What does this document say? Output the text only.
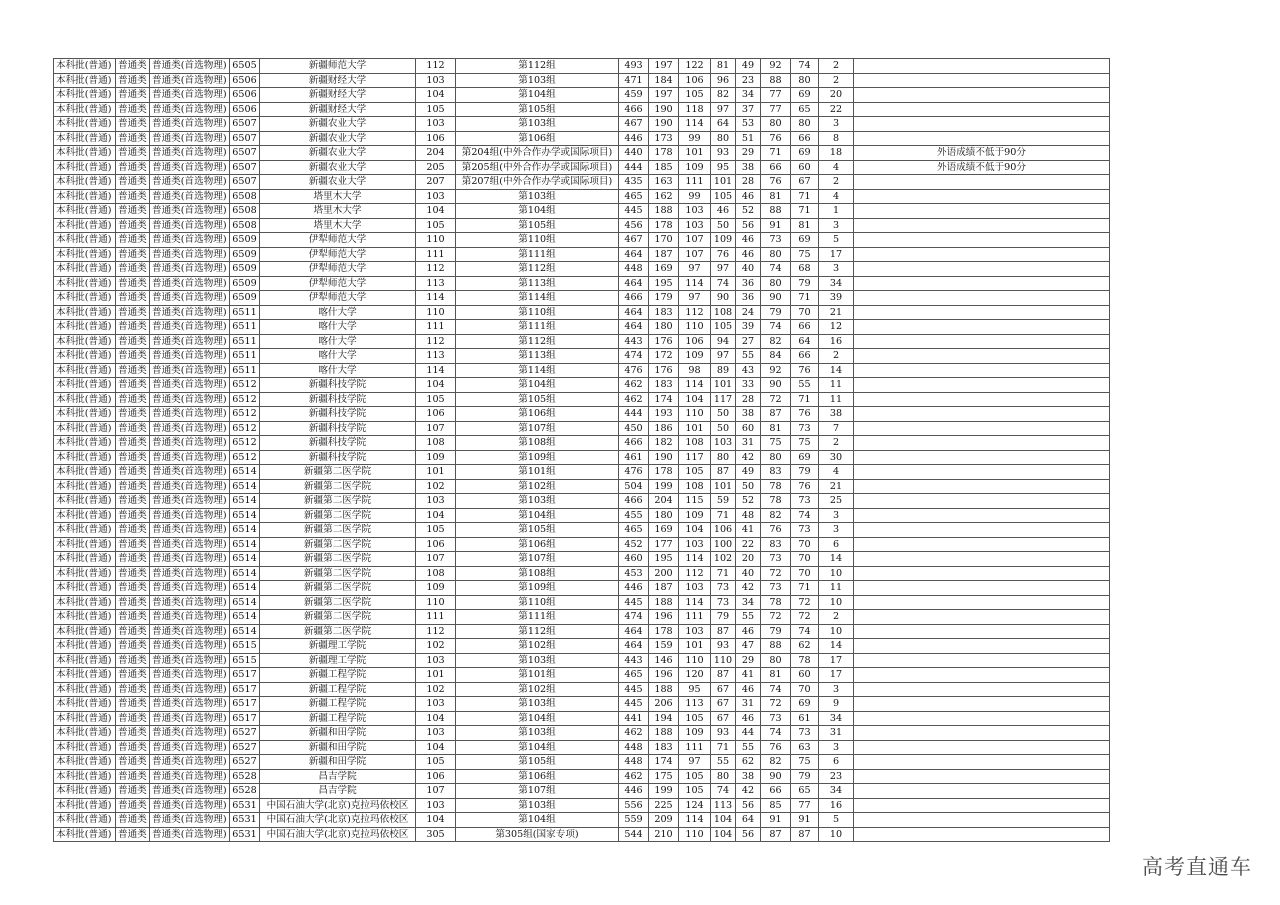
本科批(普通)	普通类	普通类(首选物理)	6505	新疆师范大学	112	第112组	493	197	122	81	49	92	74	2	
本科批(普通)	普通类	普通类(首选物理)	6506	新疆财经大学	103	第103组	471	184	106	96	23	88	80	2	
本科批(普通)	普通类	普通类(首选物理)	6506	新疆财经大学	104	第104组	459	197	105	82	34	77	69	20	
本科批(普通)	普通类	普通类(首选物理)	6506	新疆财经大学	105	第105组	466	190	118	97	37	77	65	22	
本科批(普通)	普通类	普通类(首选物理)	6507	新疆农业大学	103	第103组	467	190	114	64	53	80	80	3	
本科批(普通)	普通类	普通类(首选物理)	6507	新疆农业大学	106	第106组	446	173	99	80	51	76	66	8	
本科批(普通)	普通类	普通类(首选物理)	6507	新疆农业大学	204	第204组(中外合作办学或国际项目)	440	178	101	93	29	71	69	18	外语成绩不低于90分
本科批(普通)	普通类	普通类(首选物理)	6507	新疆农业大学	205	第205组(中外合作办学或国际项目)	444	185	109	95	38	66	60	4	外语成绩不低于90分
本科批(普通)	普通类	普通类(首选物理)	6507	新疆农业大学	207	第207组(中外合作办学或国际项目)	435	163	111	101	28	76	67	2	
本科批(普通)	普通类	普通类(首选物理)	6508	塔里木大学	103	第103组	465	162	99	105	46	81	71	4	
本科批(普通)	普通类	普通类(首选物理)	6508	塔里木大学	104	第104组	445	188	103	46	52	88	71	1	
本科批(普通)	普通类	普通类(首选物理)	6508	塔里木大学	105	第105组	456	178	103	50	56	91	81	3	
本科批(普通)	普通类	普通类(首选物理)	6509	伊犁师范大学	110	第110组	467	170	107	109	46	73	69	5	
本科批(普通)	普通类	普通类(首选物理)	6509	伊犁师范大学	111	第111组	464	187	107	76	46	80	75	17	
本科批(普通)	普通类	普通类(首选物理)	6509	伊犁师范大学	112	第112组	448	169	97	97	40	74	68	3	
本科批(普通)	普通类	普通类(首选物理)	6509	伊犁师范大学	113	第113组	464	195	114	74	36	80	79	34	
本科批(普通)	普通类	普通类(首选物理)	6509	伊犁师范大学	114	第114组	466	179	97	90	36	90	71	39	
本科批(普通)	普通类	普通类(首选物理)	6511	喀什大学	110	第110组	464	183	112	108	24	79	70	21	
本科批(普通)	普通类	普通类(首选物理)	6511	喀什大学	111	第111组	464	180	110	105	39	74	66	12	
本科批(普通)	普通类	普通类(首选物理)	6511	喀什大学	112	第112组	443	176	106	94	27	82	64	16	
本科批(普通)	普通类	普通类(首选物理)	6511	喀什大学	113	第113组	474	172	109	97	55	84	66	2	
本科批(普通)	普通类	普通类(首选物理)	6511	喀什大学	114	第114组	476	176	98	89	43	92	76	14	
本科批(普通)	普通类	普通类(首选物理)	6512	新疆科技学院	104	第104组	462	183	114	101	33	90	55	11	
本科批(普通)	普通类	普通类(首选物理)	6512	新疆科技学院	105	第105组	462	174	104	117	28	72	71	11	
本科批(普通)	普通类	普通类(首选物理)	6512	新疆科技学院	106	第106组	444	193	110	50	38	87	76	38	
本科批(普通)	普通类	普通类(首选物理)	6512	新疆科技学院	107	第107组	450	186	101	50	60	81	73	7	
本科批(普通)	普通类	普通类(首选物理)	6512	新疆科技学院	108	第108组	466	182	108	103	31	75	75	2	
本科批(普通)	普通类	普通类(首选物理)	6512	新疆科技学院	109	第109组	461	190	117	80	42	80	69	30	
本科批(普通)	普通类	普通类(首选物理)	6514	新疆第二医学院	101	第101组	476	178	105	87	49	83	79	4	
本科批(普通)	普通类	普通类(首选物理)	6514	新疆第二医学院	102	第102组	504	199	108	101	50	78	76	21	
本科批(普通)	普通类	普通类(首选物理)	6514	新疆第二医学院	103	第103组	466	204	115	59	52	78	73	25	
本科批(普通)	普通类	普通类(首选物理)	6514	新疆第二医学院	104	第104组	455	180	109	71	48	82	74	3	
本科批(普通)	普通类	普通类(首选物理)	6514	新疆第二医学院	105	第105组	465	169	104	106	41	76	73	3	
本科批(普通)	普通类	普通类(首选物理)	6514	新疆第二医学院	106	第106组	452	177	103	100	22	83	70	6	
本科批(普通)	普通类	普通类(首选物理)	6514	新疆第二医学院	107	第107组	460	195	114	102	20	73	70	14	
本科批(普通)	普通类	普通类(首选物理)	6514	新疆第二医学院	108	第108组	453	200	112	71	40	72	70	10	
本科批(普通)	普通类	普通类(首选物理)	6514	新疆第二医学院	109	第109组	446	187	103	73	42	73	71	11	
本科批(普通)	普通类	普通类(首选物理)	6514	新疆第二医学院	110	第110组	445	188	114	73	34	78	72	10	
本科批(普通)	普通类	普通类(首选物理)	6514	新疆第二医学院	111	第111组	474	196	111	79	55	72	72	2	
本科批(普通)	普通类	普通类(首选物理)	6514	新疆第二医学院	112	第112组	464	178	103	87	46	79	74	10	
本科批(普通)	普通类	普通类(首选物理)	6515	新疆理工学院	102	第102组	464	159	101	93	47	88	62	14	
本科批(普通)	普通类	普通类(首选物理)	6515	新疆理工学院	103	第103组	443	146	110	110	29	80	78	17	
本科批(普通)	普通类	普通类(首选物理)	6517	新疆工程学院	101	第101组	465	196	120	87	41	81	60	17	
本科批(普通)	普通类	普通类(首选物理)	6517	新疆工程学院	102	第102组	445	188	95	67	46	74	70	3	
本科批(普通)	普通类	普通类(首选物理)	6517	新疆工程学院	103	第103组	445	206	113	67	31	72	69	9	
本科批(普通)	普通类	普通类(首选物理)	6517	新疆工程学院	104	第104组	441	194	105	67	46	73	61	34	
本科批(普通)	普通类	普通类(首选物理)	6527	新疆和田学院	103	第103组	462	188	109	93	44	74	73	31	
本科批(普通)	普通类	普通类(首选物理)	6527	新疆和田学院	104	第104组	448	183	111	71	55	76	63	3	
本科批(普通)	普通类	普通类(首选物理)	6527	新疆和田学院	105	第105组	448	174	97	55	62	82	75	6	
本科批(普通)	普通类	普通类(首选物理)	6528	昌吉学院	106	第106组	462	175	105	80	38	90	79	23	
本科批(普通)	普通类	普通类(首选物理)	6528	昌吉学院	107	第107组	446	199	105	74	42	66	65	34	
本科批(普通)	普通类	普通类(首选物理)	6531	中国石油大学(北京)克拉玛依校区	103	第103组	556	225	124	113	56	85	77	16	
本科批(普通)	普通类	普通类(首选物理)	6531	中国石油大学(北京)克拉玛依校区	104	第104组	559	209	114	104	64	91	91	5	
本科批(普通)	普通类	普通类(首选物理)	6531	中国石油大学(北京)克拉玛依校区	305	第305组(国家专项)	544	210	110	104	56	87	87	10	
高考直通车
